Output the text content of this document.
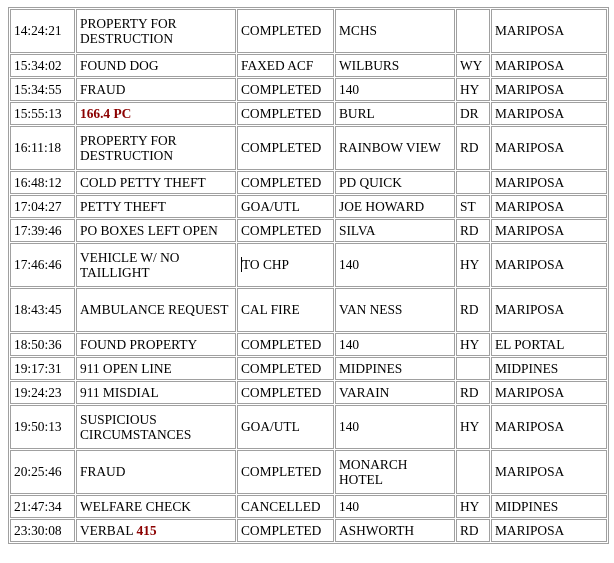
14:24:21	PROPERTY FOR DESTRUCTION	COMPLETED	MCHS		MARIPOSA
15:34:02	FOUND DOG	FAXED ACF	WILBURS	WY	MARIPOSA
15:34:55	FRAUD	COMPLETED	140	HY	MARIPOSA
15:55:13	166.4 PC	COMPLETED	BURL	DR	MARIPOSA
16:11:18	PROPERTY FOR DESTRUCTION	COMPLETED	RAINBOW VIEW	RD	MARIPOSA
16:48:12	COLD PETTY THEFT	COMPLETED	PD QUICK		MARIPOSA
17:04:27	PETTY THEFT	GOA/UTL	JOE HOWARD	ST	MARIPOSA
17:39:46	PO BOXES LEFT OPEN	COMPLETED	SILVA	RD	MARIPOSA
17:46:46	VEHICLE W/ NO TAILLIGHT	TO CHP	140	HY	MARIPOSA
18:43:45	AMBULANCE REQUEST	CAL FIRE	VAN NESS	RD	MARIPOSA
18:50:36	FOUND PROPERTY	COMPLETED	140	HY	EL PORTAL
19:17:31	911 OPEN LINE	COMPLETED	MIDPINES		MIDPINES
19:24:23	911 MISDIAL	COMPLETED	VARAIN	RD	MARIPOSA
19:50:13	SUSPICIOUS CIRCUMSTANCES	GOA/UTL	140	HY	MARIPOSA
20:25:46	FRAUD	COMPLETED	MONARCH HOTEL		MARIPOSA
21:47:34	WELFARE CHECK	CANCELLED	140	HY	MIDPINES
23:30:08	VERBAL 415	COMPLETED	ASHWORTH	RD	MARIPOSA
